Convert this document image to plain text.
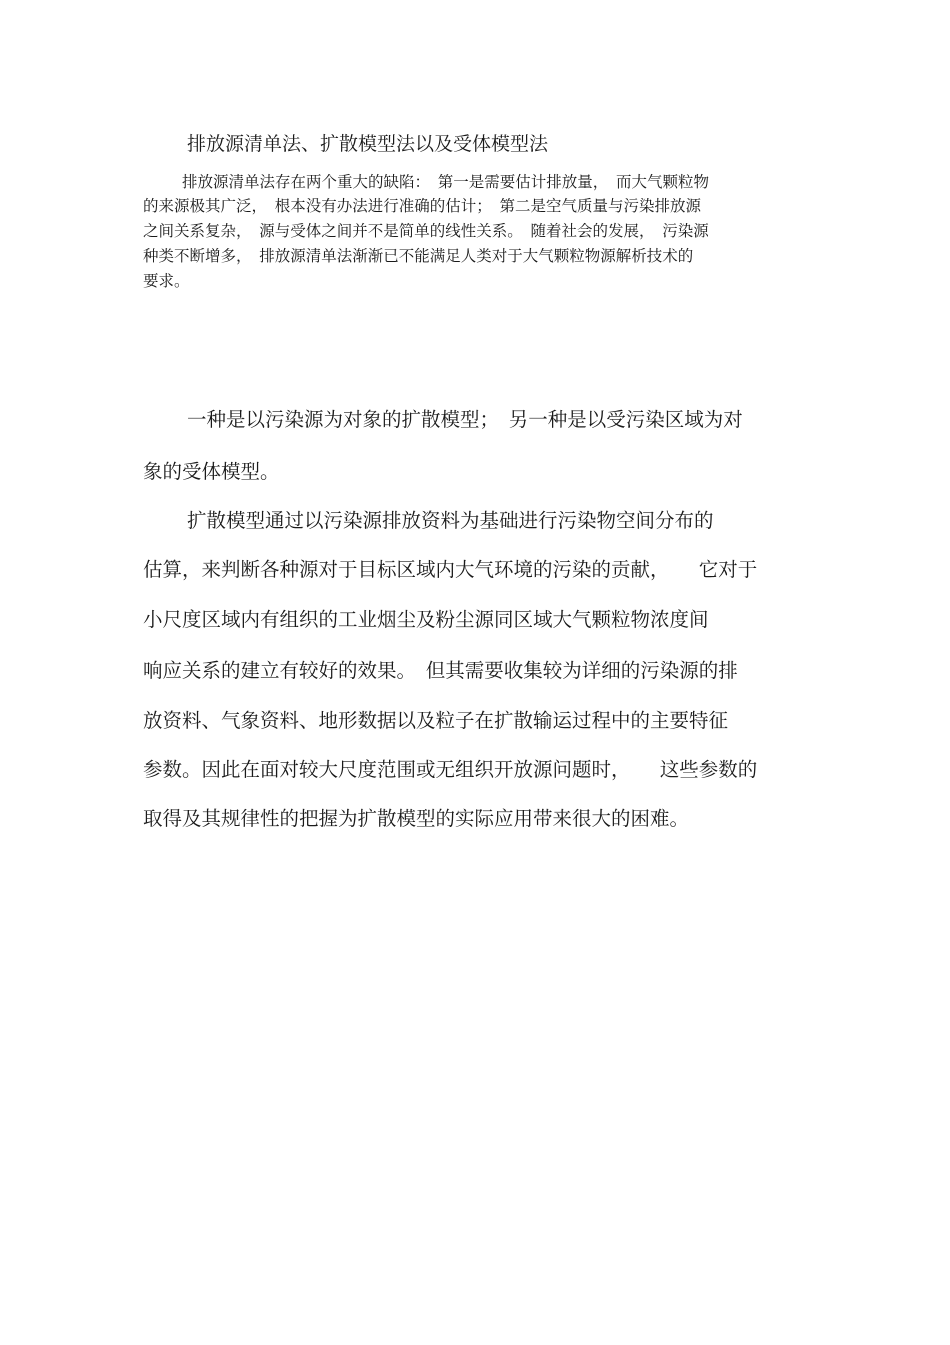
排放源清单法、扩散模型法以及受体模型法

排放源清单法存在两个重大的缺陷：　第一是需要估计排放量，　而大气颗粒物

的来源极其广泛，　根本没有办法进行准确的估计；　第二是空气质量与污染排放源

之间关系复杂，　源与受体之间并不是简单的线性关系。　随着社会的发展，　污染源

种类不断增多，　排放源清单法渐渐已不能满足人类对于大气颗粒物源解析技术的

要求。

一种是以污染源为对象的扩散模型；　另一种是以受污染区域为对

象的受体模型。

扩散模型通过以污染源排放资料为基础进行污染物空间分布的

估算，来判断各种源对于目标区域内大气环境的污染的贡献，　　它对于

小尺度区域内有组织的工业烟尘及粉尘源同区域大气颗粒物浓度间

响应关系的建立有较好的效果。　但其需要收集较为详细的污染源的排

放资料、气象资料、地形数据以及粒子在扩散输运过程中的主要特征

参数。因此在面对较大尺度范围或无组织开放源问题时，　　这些参数的

取得及其规律性的把握为扩散模型的实际应用带来很大的困难。
